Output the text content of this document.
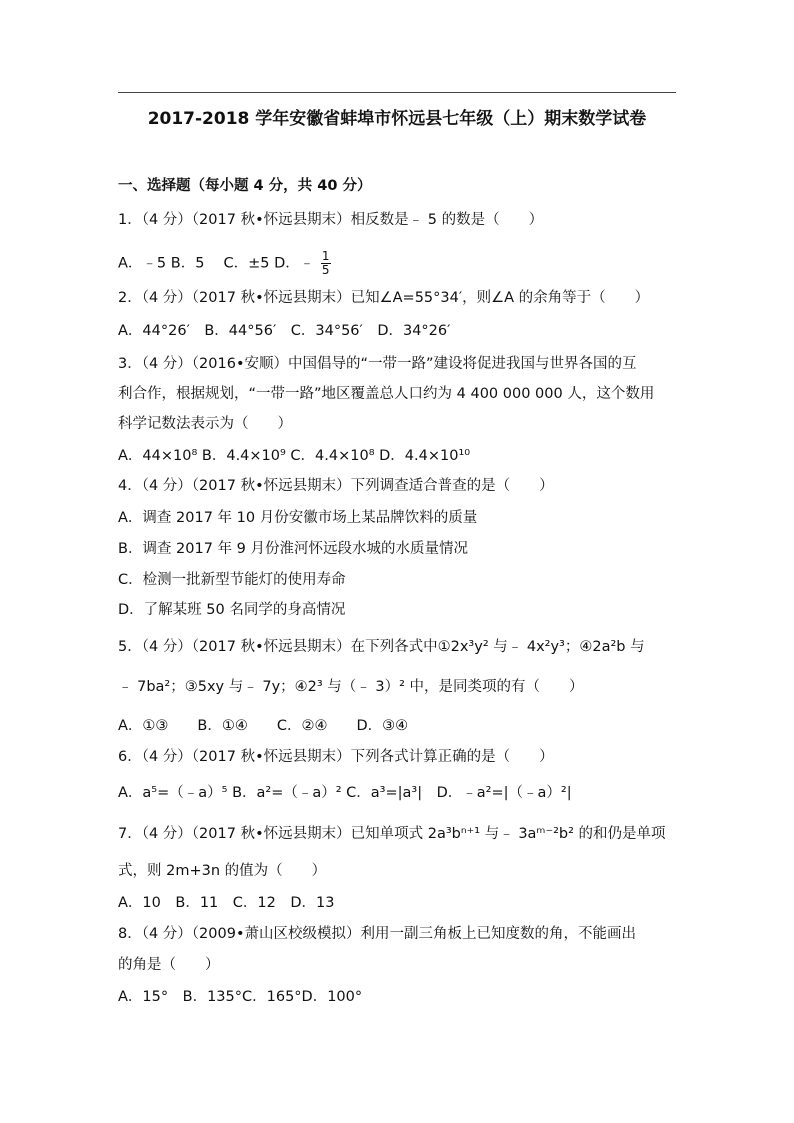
2017-2018 学年安徽省蚌埠市怀远县七年级（上）期末数学试卷
一、选择题（每小题 4 分，共 40 分）
1．（4 分）（2017 秋•怀远县期末）相反数是﹣ 5 的数是（　　）
A．﹣5 B．5　 C．±5 D．﹣ $\frac{1}{5}$
2．（4 分）（2017 秋•怀远县期末）已知∠A=55°34′，则∠A 的余角等于（　　）
A．44°26′　B．44°56′　C．34°56′　D．34°26′
3．（4 分）（2016•安顺）中国倡导的“一带一路”建设将促进我国与世界各国的互
利合作，根据规划，“一带一路”地区覆盖总人口约为 4 400 000 000 人，这个数用
科学记数法表示为（　　）
A．44×10⁸ B．4.4×10⁹ C．4.4×10⁸ D．4.4×10¹⁰
4．（4 分）（2017 秋•怀远县期末）下列调查适合普查的是（　　）
A．调查 2017 年 10 月份安徽市场上某品牌饮料的质量
B．调查 2017 年 9 月份淮河怀远段水城的水质量情况
C．检测一批新型节能灯的使用寿命
D．了解某班 50 名同学的身高情况
5．（4 分）（2017 秋•怀远县期末）在下列各式中①2x³y² 与﹣ 4x²y³；④2a²b 与
﹣ 7ba²；③5xy 与﹣ 7y；④2³ 与（﹣ 3）² 中，是同类项的有（　　）
A．①③　　B．①④　　C．②④　　D．③④
6．（4 分）（2017 秋•怀远县期末）下列各式计算正确的是（　　）
A．a⁵=（﹣a）⁵ B．a²=（﹣a）² C．a³=|a³|　D．﹣a²=|（﹣a）²|
7．（4 分）（2017 秋•怀远县期末）已知单项式 2a³bⁿ⁺¹ 与﹣ 3aᵐ⁻²b² 的和仍是单项
式，则 2m+3n 的值为（　　）
A．10　B．11　C．12　D．13
8．（4 分）（2009•萧山区校级模拟）利用一副三角板上已知度数的角，不能画出
的角是（　　）
A．15°　B．135°C．165°D．100°
